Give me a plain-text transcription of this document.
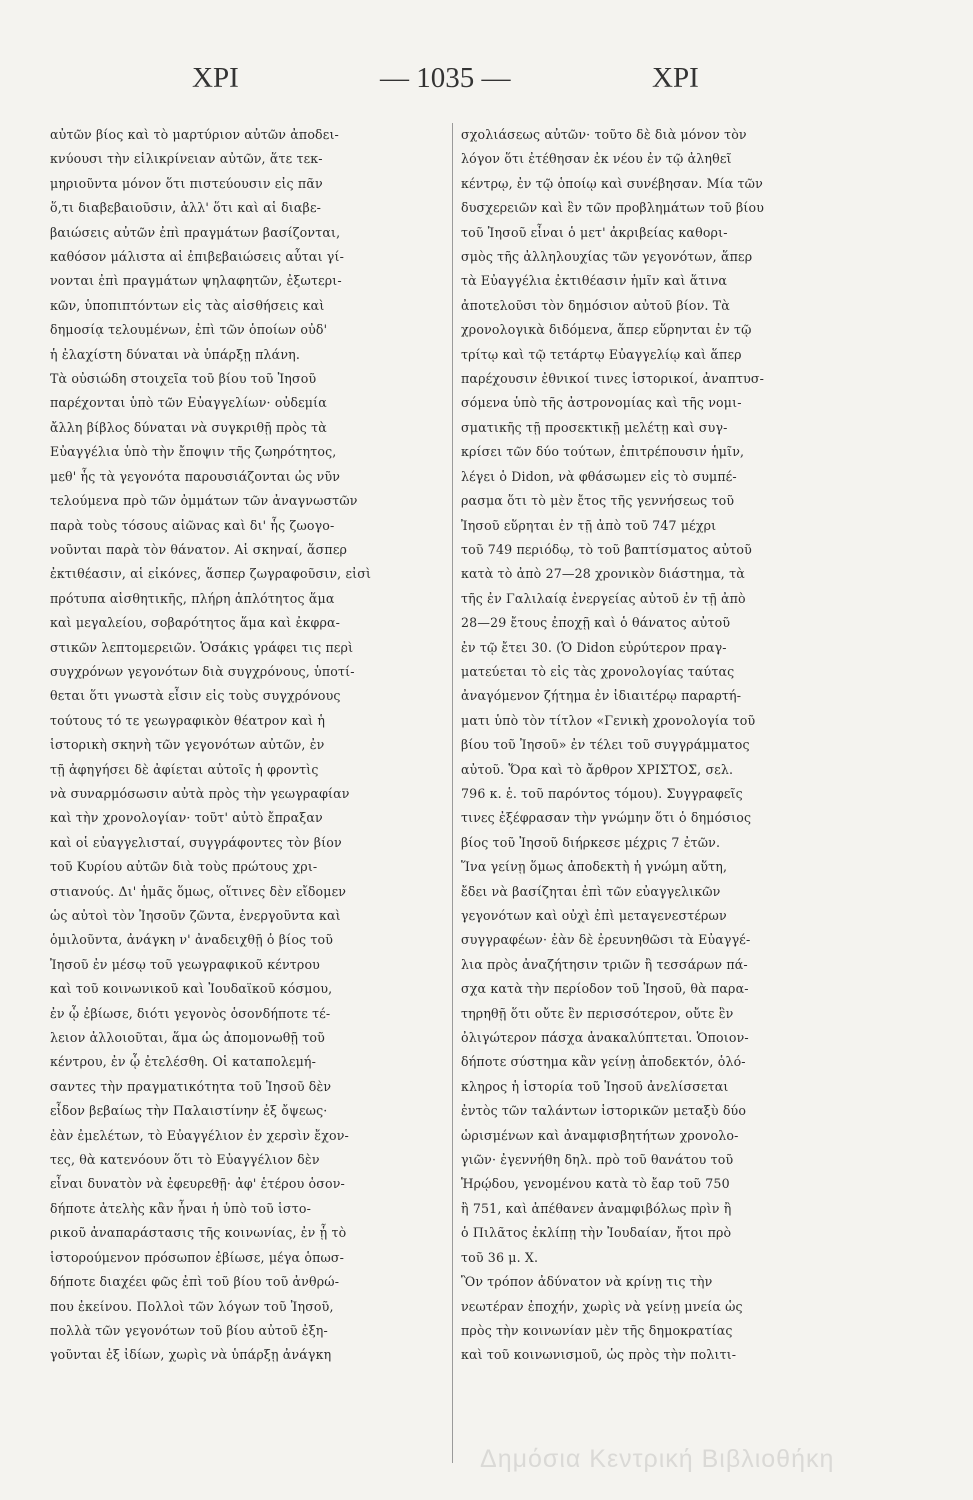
ΧΡΙ	— 1035 —	ΧΡΙ
αὐτῶν βίος καὶ τὸ μαρτύριον αὐτῶν ἀποδει-
κνύουσι τὴν εἰλικρίνειαν αὐτῶν, ἅτε τεκ-
μηριοῦντα μόνον ὅτι πιστεύουσιν εἰς πᾶν
ὅ,τι διαβεβαιοῦσιν, ἀλλ' ὅτι καὶ αἱ διαβε-
βαιώσεις αὐτῶν ἐπὶ πραγμάτων βασίζονται,
καθόσον μάλιστα αἱ ἐπιβεβαιώσεις αὗται γί-
νονται ἐπὶ πραγμάτων ψηλαφητῶν, ἐξωτερι-
κῶν, ὑποπιπτόντων εἰς τὰς αἰσθήσεις καὶ
δημοσίᾳ τελουμένων, ἐπὶ τῶν ὁποίων οὐδ'
ἡ ἐλαχίστη δύναται νὰ ὑπάρξῃ πλάνη.
Τὰ οὐσιώδη στοιχεῖα τοῦ βίου τοῦ Ἰησοῦ
παρέχονται ὑπὸ τῶν Εὐαγγελίων· οὐδεμία
ἄλλη βίβλος δύναται νὰ συγκριθῇ πρὸς τὰ
Εὐαγγέλια ὑπὸ τὴν ἔποψιν τῆς ζωηρότητος,
μεθ' ἧς τὰ γεγονότα παρουσιάζονται ὡς νῦν
τελούμενα πρὸ τῶν ὀμμάτων τῶν ἀναγνωστῶν
παρὰ τοὺς τόσους αἰῶνας καὶ δι' ἧς ζωογο-
νοῦνται παρὰ τὸν θάνατον. Αἱ σκηναί, ἅσπερ
ἐκτιθέασιν, αἱ εἰκόνες, ἅσπερ ζωγραφοῦσιν, εἰσὶ
πρότυπα αἰσθητικῆς, πλήρη ἁπλότητος ἅμα
καὶ μεγαλείου, σοβαρότητος ἅμα καὶ ἐκφρα-
στικῶν λεπτομερειῶν. Ὁσάκις γράφει τις περὶ
συγχρόνων γεγονότων διὰ συγχρόνους, ὑποτί-
θεται ὅτι γνωστὰ εἶσιν εἰς τοὺς συγχρόνους
τούτους τό τε γεωγραφικὸν θέατρον καὶ ἡ
ἱστορικὴ σκηνὴ τῶν γεγονότων αὐτῶν, ἐν
τῇ ἀφηγήσει δὲ ἀφίεται αὐτοῖς ἡ φροντὶς
νὰ συναρμόσωσιν αὐτὰ πρὸς τὴν γεωγραφίαν
καὶ τὴν χρονολογίαν· τοῦτ' αὐτὸ ἔπραξαν
καὶ οἱ εὐαγγελισταί, συγγράφοντες τὸν βίον
τοῦ Κυρίου αὐτῶν διὰ τοὺς πρώτους χρι-
στιανούς. Δι' ἡμᾶς ὅμως, οἵτινες δὲν εἴδομεν
ὡς αὐτοὶ τὸν Ἰησοῦν ζῶντα, ἐνεργοῦντα καὶ
ὁμιλοῦντα, ἀνάγκη ν' ἀναδειχθῇ ὁ βίος τοῦ
Ἰησοῦ ἐν μέσῳ τοῦ γεωγραφικοῦ κέντρου
καὶ τοῦ κοινωνικοῦ καὶ Ἰουδαϊκοῦ κόσμου,
ἐν ᾧ ἐβίωσε, διότι γεγονὸς ὁσονδήποτε τέ-
λειον ἀλλοιοῦται, ἅμα ὡς ἀπομονωθῇ τοῦ
κέντρου, ἐν ᾧ ἐτελέσθη. Οἱ καταπολεμή-
σαντες τὴν πραγματικότητα τοῦ Ἰησοῦ δὲν
εἶδον βεβαίως τὴν Παλαιστίνην ἐξ ὄψεως·
ἐὰν ἐμελέτων, τὸ Εὐαγγέλιον ἐν χερσὶν ἔχον-
τες, θὰ κατενόουν ὅτι τὸ Εὐαγγέλιον δὲν
εἶναι δυνατὸν νὰ ἐφευρεθῇ· ἀφ' ἑτέρου ὁσον-
δήποτε ἀτελὴς κἂν ἦναι ἡ ὑπὸ τοῦ ἱστο-
ρικοῦ ἀναπαράστασις τῆς κοινωνίας, ἐν ᾗ τὸ
ἱστορούμενον πρόσωπον ἐβίωσε, μέγα ὁπωσ-
δήποτε διαχέει φῶς ἐπὶ τοῦ βίου τοῦ ἀνθρώ-
που ἐκείνου. Πολλοὶ τῶν λόγων τοῦ Ἰησοῦ,
πολλὰ τῶν γεγονότων τοῦ βίου αὐτοῦ ἐξη-
γοῦνται ἐξ ἰδίων, χωρὶς νὰ ὑπάρξῃ ἀνάγκη
σχολιάσεως αὐτῶν· τοῦτο δὲ διὰ μόνον τὸν
λόγον ὅτι ἐτέθησαν ἐκ νέου ἐν τῷ ἀληθεῖ
κέντρῳ, ἐν τῷ ὁποίῳ καὶ συνέβησαν. Μία τῶν
δυσχερειῶν καὶ ἓν τῶν προβλημάτων τοῦ βίου
τοῦ Ἰησοῦ εἶναι ὁ μετ' ἀκριβείας καθορι-
σμὸς τῆς ἀλληλουχίας τῶν γεγονότων, ἅπερ
τὰ Εὐαγγέλια ἐκτιθέασιν ἡμῖν καὶ ἅτινα
ἀποτελοῦσι τὸν δημόσιον αὐτοῦ βίον. Τὰ
χρονολογικὰ διδόμενα, ἅπερ εὕρηνται ἐν τῷ
τρίτῳ καὶ τῷ τετάρτῳ Εὐαγγελίῳ καὶ ἅπερ
παρέχουσιν ἐθνικοί τινες ἱστορικοί, ἀναπτυσ-
σόμενα ὑπὸ τῆς ἀστρονομίας καὶ τῆς νομι-
σματικῆς τῇ προσεκτικῇ μελέτῃ καὶ συγ-
κρίσει τῶν δύο τούτων, ἐπιτρέπουσιν ἡμῖν,
λέγει ὁ Didon, νὰ φθάσωμεν εἰς τὸ συμπέ-
ρασμα ὅτι τὸ μὲν ἔτος τῆς γεννήσεως τοῦ
Ἰησοῦ εὕρηται ἐν τῇ ἀπὸ τοῦ 747 μέχρι
τοῦ 749 περιόδῳ, τὸ τοῦ βαπτίσματος αὐτοῦ
κατὰ τὸ ἀπὸ 27—28 χρονικὸν διάστημα, τὰ
τῆς ἐν Γαλιλαίᾳ ἐνεργείας αὐτοῦ ἐν τῇ ἀπὸ
28—29 ἔτους ἐποχῇ καὶ ὁ θάνατος αὐτοῦ
ἐν τῷ ἔτει 30. (Ὁ Didon εὐρύτερον πραγ-
ματεύεται τὸ εἰς τὰς χρονολογίας ταύτας
ἀναγόμενον ζήτημα ἐν ἰδιαιτέρῳ παραρτή-
ματι ὑπὸ τὸν τίτλον «Γενικὴ χρονολογία τοῦ
βίου τοῦ Ἰησοῦ» ἐν τέλει τοῦ συγγράμματος
αὐτοῦ. Ὅρα καὶ τὸ ἄρθρον ΧΡΙΣΤΟΣ, σελ.
796 κ. ἑ. τοῦ παρόντος τόμου). Συγγραφεῖς
τινες ἐξέφρασαν τὴν γνώμην ὅτι ὁ δημόσιος
βίος τοῦ Ἰησοῦ διήρκεσε μέχρις 7 ἐτῶν.
Ἵνα γείνῃ ὅμως ἀποδεκτὴ ἡ γνώμη αὕτη,
ἔδει νὰ βασίζηται ἐπὶ τῶν εὐαγγελικῶν
γεγονότων καὶ οὐχὶ ἐπὶ μεταγενεστέρων
συγγραφέων· ἐὰν δὲ ἐρευνηθῶσι τὰ Εὐαγγέ-
λια πρὸς ἀναζήτησιν τριῶν ἢ τεσσάρων πά-
σχα κατὰ τὴν περίοδον τοῦ Ἰησοῦ, θὰ παρα-
τηρηθῇ ὅτι οὔτε ἓν περισσότερον, οὔτε ἓν
ὀλιγώτερον πάσχα ἀνακαλύπτεται. Ὁποιον-
δήποτε σύστημα κἂν γείνῃ ἀποδεκτόν, ὁλό-
κληρος ἡ ἱστορία τοῦ Ἰησοῦ ἀνελίσσεται
ἐντὸς τῶν ταλάντων ἱστορικῶν μεταξὺ δύο
ὡρισμένων καὶ ἀναμφισβητήτων χρονολο-
γιῶν· ἐγεννήθη δηλ. πρὸ τοῦ θανάτου τοῦ
Ἡρῴδου, γενομένου κατὰ τὸ ἔαρ τοῦ 750
ἢ 751, καὶ ἀπέθανεν ἀναμφιβόλως πρὶν ἢ
ὁ Πιλᾶτος ἐκλίπῃ τὴν Ἰουδαίαν, ἤτοι πρὸ
τοῦ 36 μ. Χ.
Ὃν τρόπον ἀδύνατον νὰ κρίνῃ τις τὴν
νεωτέραν ἐποχήν, χωρὶς νὰ γείνῃ μνεία ὡς
πρὸς τὴν κοινωνίαν μὲν τῆς δημοκρατίας
καὶ τοῦ κοινωνισμοῦ, ὡς πρὸς τὴν πολιτι-
Δημόσια Κεντρική Βιβλιοθήκη
